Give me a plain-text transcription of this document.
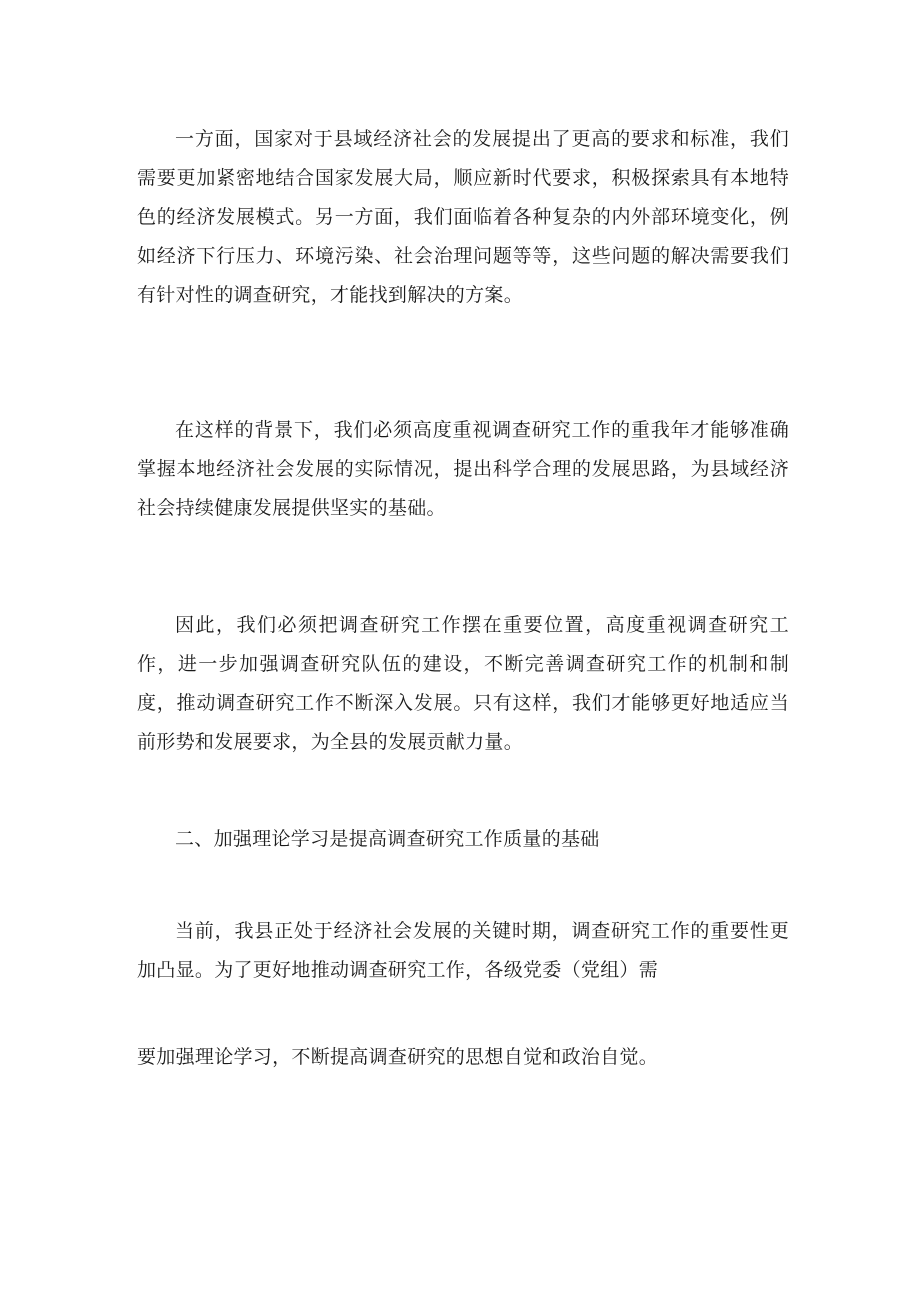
一方面，国家对于县域经济社会的发展提出了更高的要求和标准，我们需要更加紧密地结合国家发展大局，顺应新时代要求，积极探索具有本地特色的经济发展模式。另一方面，我们面临着各种复杂的内外部环境变化，例如经济下行压力、环境污染、社会治理问题等等，这些问题的解决需要我们有针对性的调查研究，才能找到解决的方案。

在这样的背景下，我们必须高度重视调查研究工作的重我年才能够准确掌握本地经济社会发展的实际情况，提出科学合理的发展思路，为县域经济社会持续健康发展提供坚实的基础。

因此，我们必须把调查研究工作摆在重要位置，高度重视调查研究工作，进一步加强调查研究队伍的建设，不断完善调查研究工作的机制和制度，推动调查研究工作不断深入发展。只有这样，我们才能够更好地适应当前形势和发展要求，为全县的发展贡献力量。

二、加强理论学习是提高调查研究工作质量的基础

当前，我县正处于经济社会发展的关键时期，调查研究工作的重要性更加凸显。为了更好地推动调查研究工作，各级党委（党组）需

要加强理论学习，不断提高调查研究的思想自觉和政治自觉。
